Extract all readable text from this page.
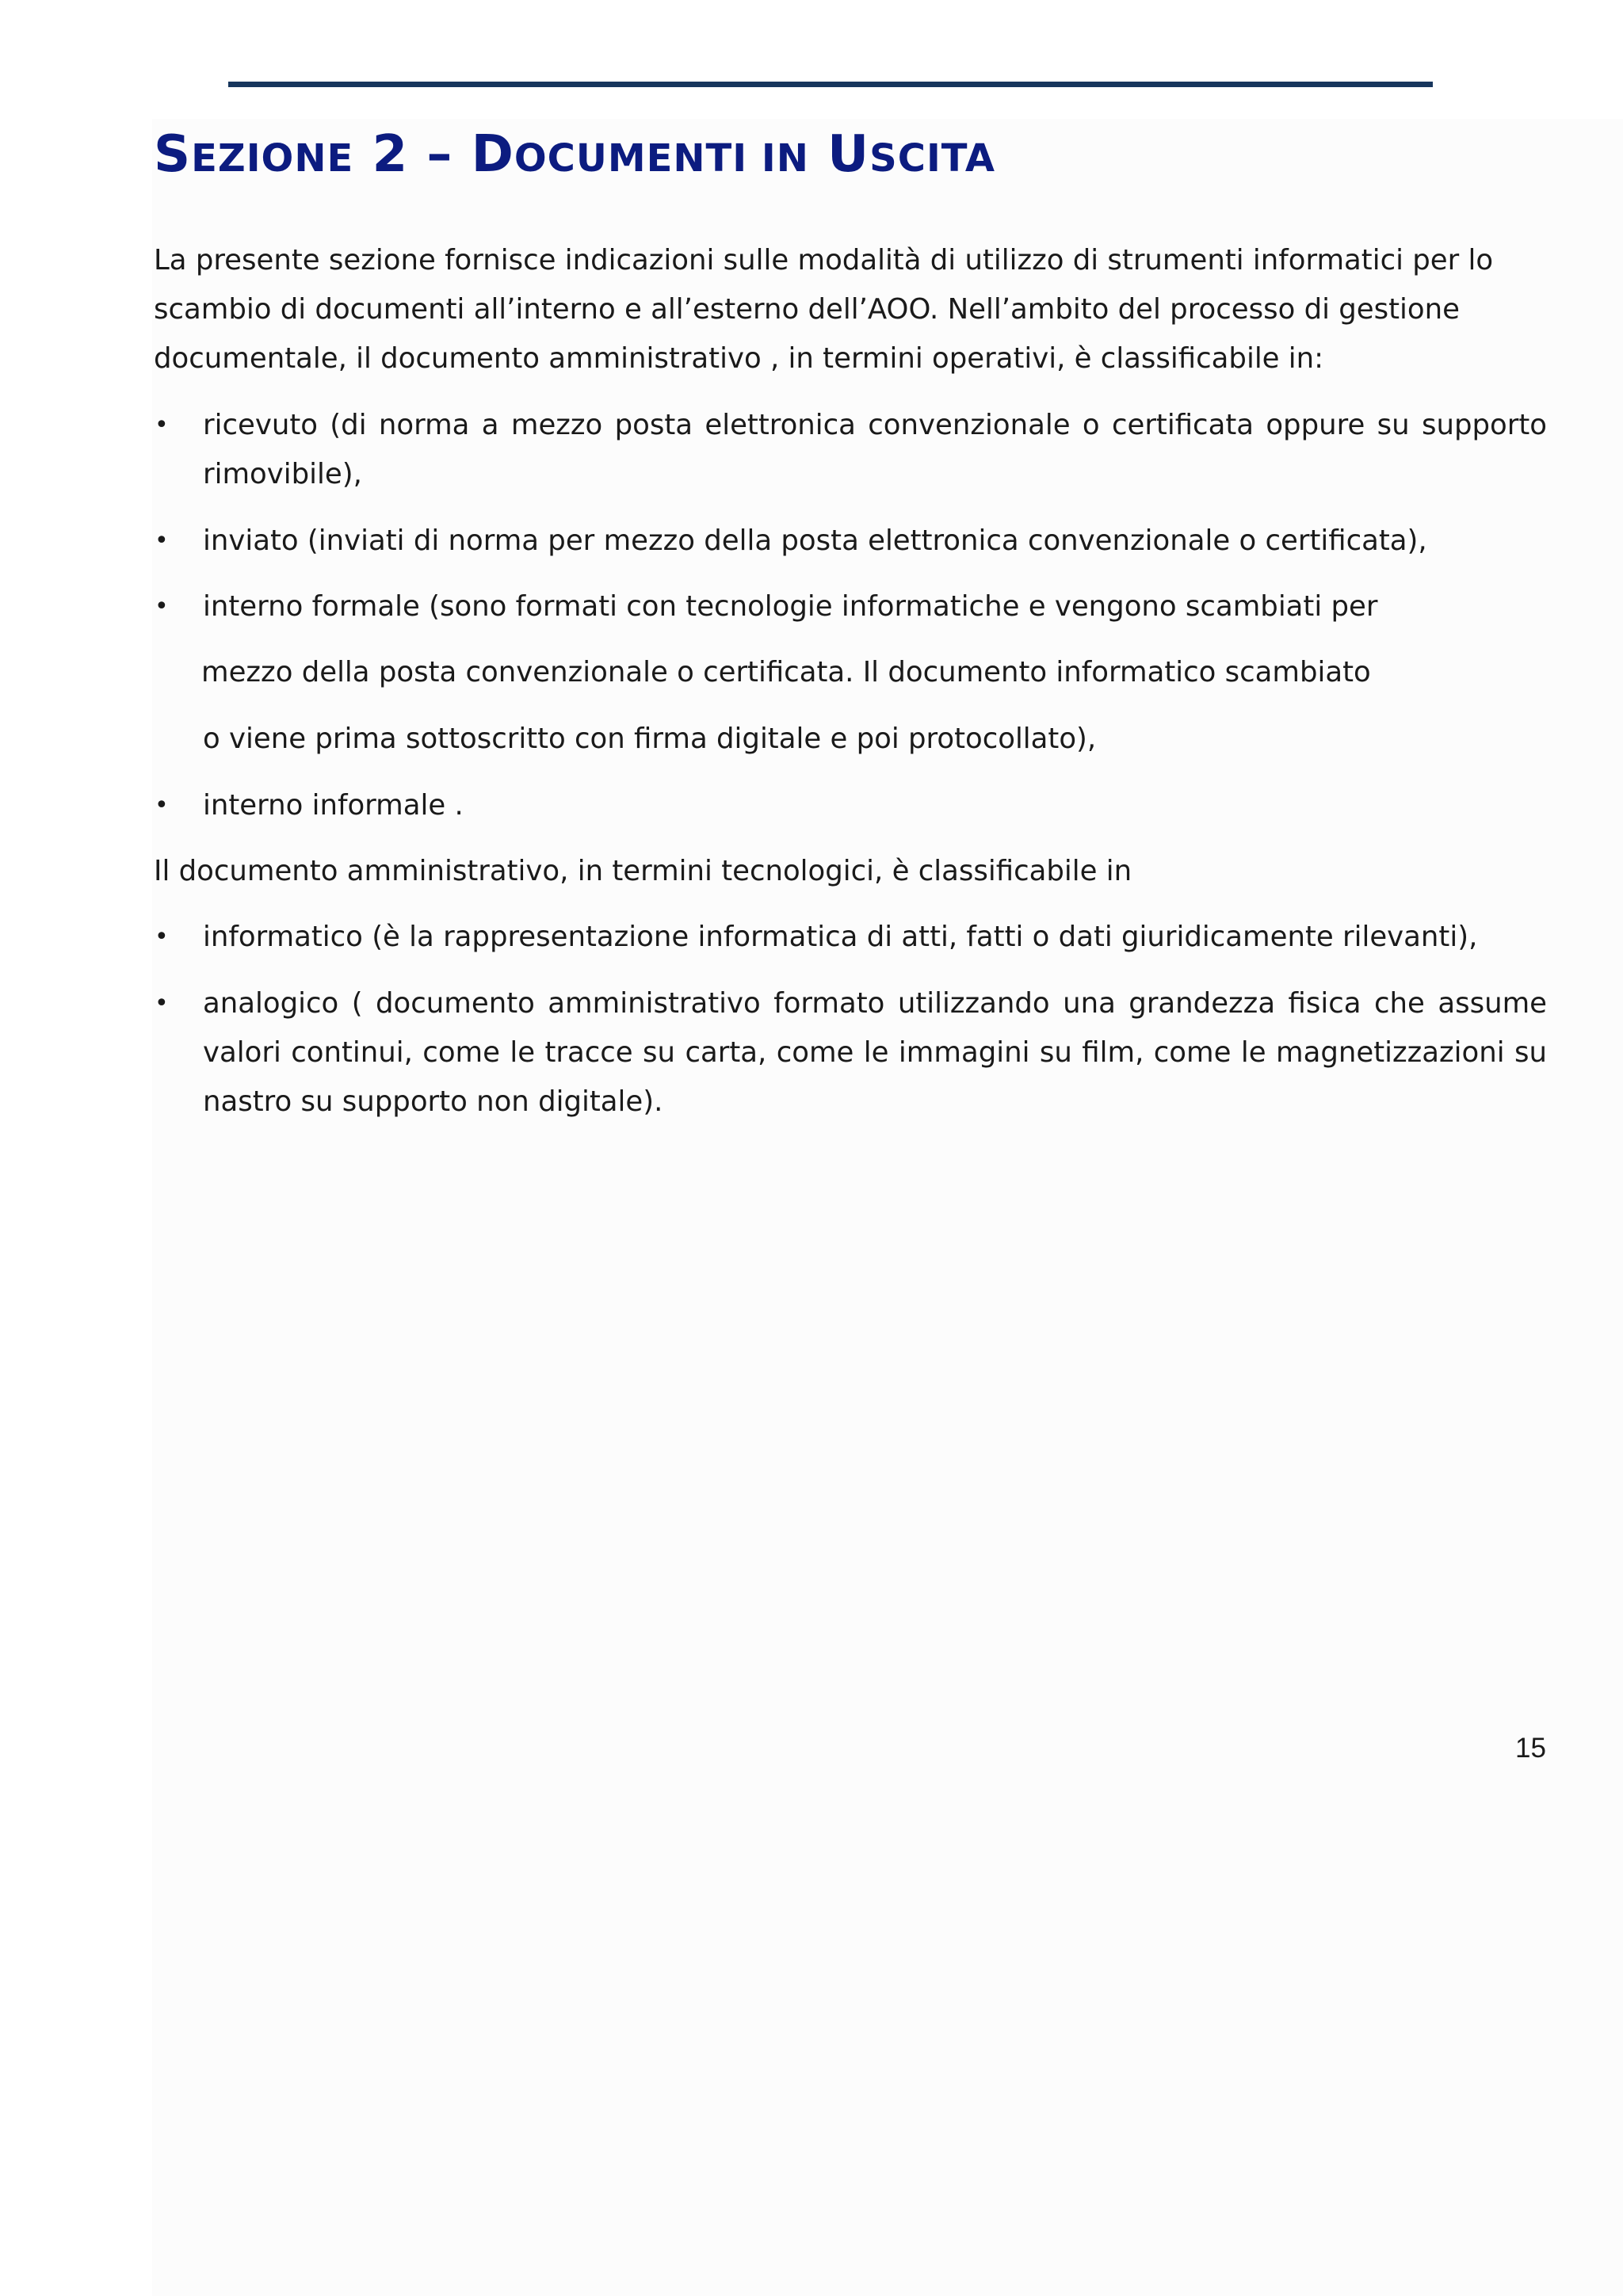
SEZIONE 2 – DOCUMENTI IN USCITA
La presente sezione fornisce indicazioni sulle modalità di utilizzo di strumenti informatici per lo
scambio di documenti all’interno e all’esterno dell’AOO. Nell’ambito del processo di gestione
documentale, il documento amministrativo , in termini operativi, è classificabile in:
• ricevuto (di norma a mezzo posta elettronica convenzionale o certificata oppure su supporto
rimovibile),
• inviato (inviati di norma per mezzo della posta elettronica convenzionale o certificata),
• interno formale (sono formati con tecnologie informatiche e vengono scambiati per
mezzo della posta convenzionale o certificata. Il documento informatico scambiato
o viene prima sottoscritto con firma digitale e poi protocollato),
• interno informale .
Il documento amministrativo, in termini tecnologici, è classificabile in
• informatico (è la rappresentazione informatica di atti, fatti o dati giuridicamente rilevanti),
• analogico ( documento amministrativo formato utilizzando una grandezza fisica che assume
valori continui, come le tracce su carta, come le immagini su film, come le magnetizzazioni su
nastro su supporto non digitale).
15
